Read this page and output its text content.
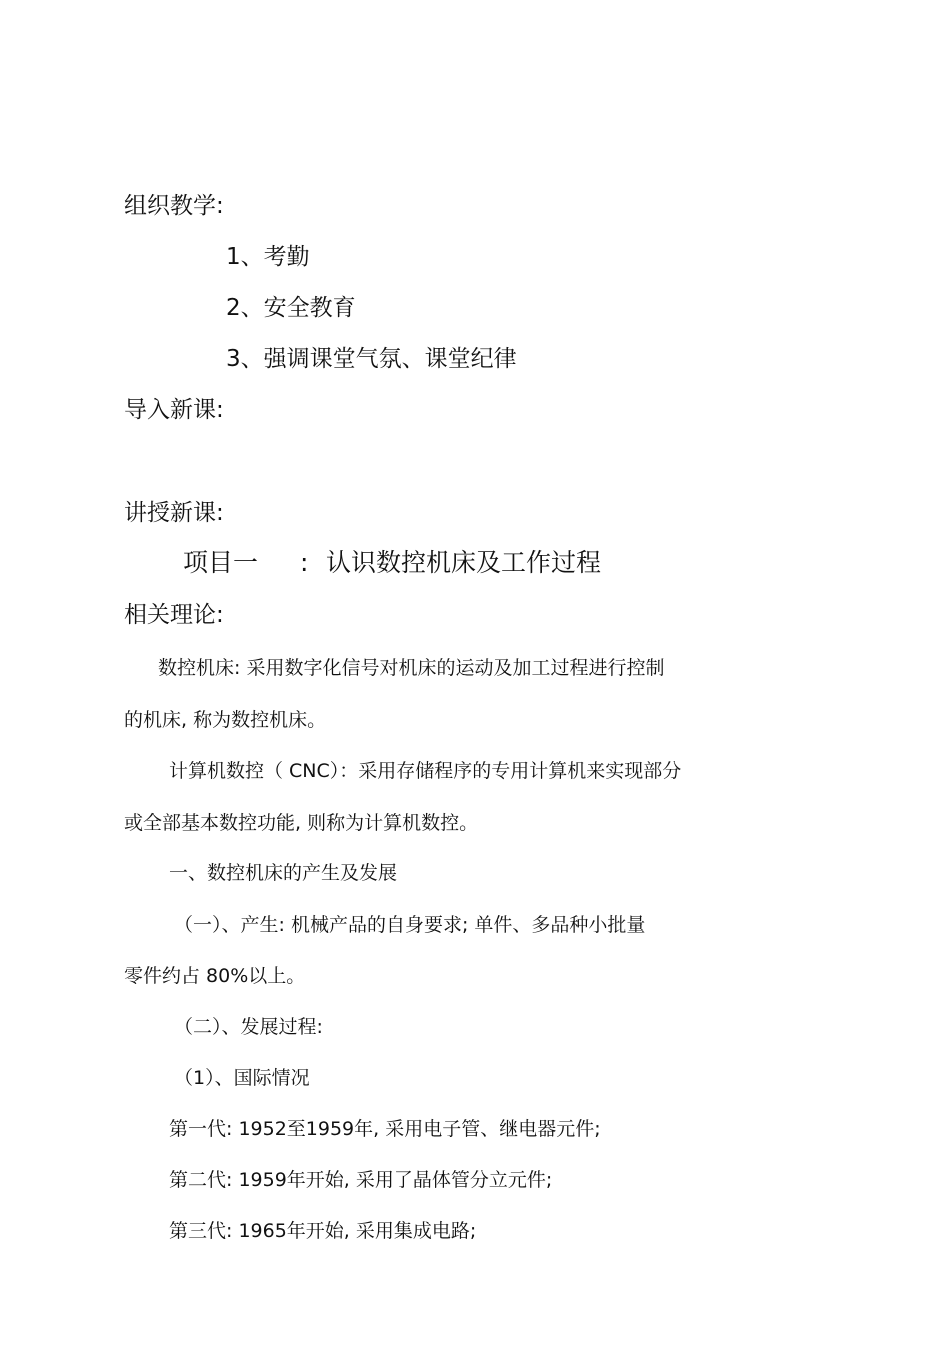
组织教学:
1、考勤
2、安全教育
3、强调课堂气氛、课堂纪律
导入新课:
讲授新课:
项目一 : 认识数控机床及工作过程
相关理论:
数控机床: 采用数字化信号对机床的运动及加工过程进行控制
的机床, 称为数控机床。
计算机数控（ CNC）：采用存储程序的专用计算机来实现部分
或全部基本数控功能, 则称为计算机数控。
一、数控机床的产生及发展
（一）、产生: 机械产品的自身要求; 单件、多品种小批量
零件约占 80%以上。
（二）、发展过程:
（1）、国际情况
第一代: 1952至1959年, 采用电子管、继电器元件;
第二代: 1959年开始, 采用了晶体管分立元件;
第三代: 1965年开始, 采用集成电路;
